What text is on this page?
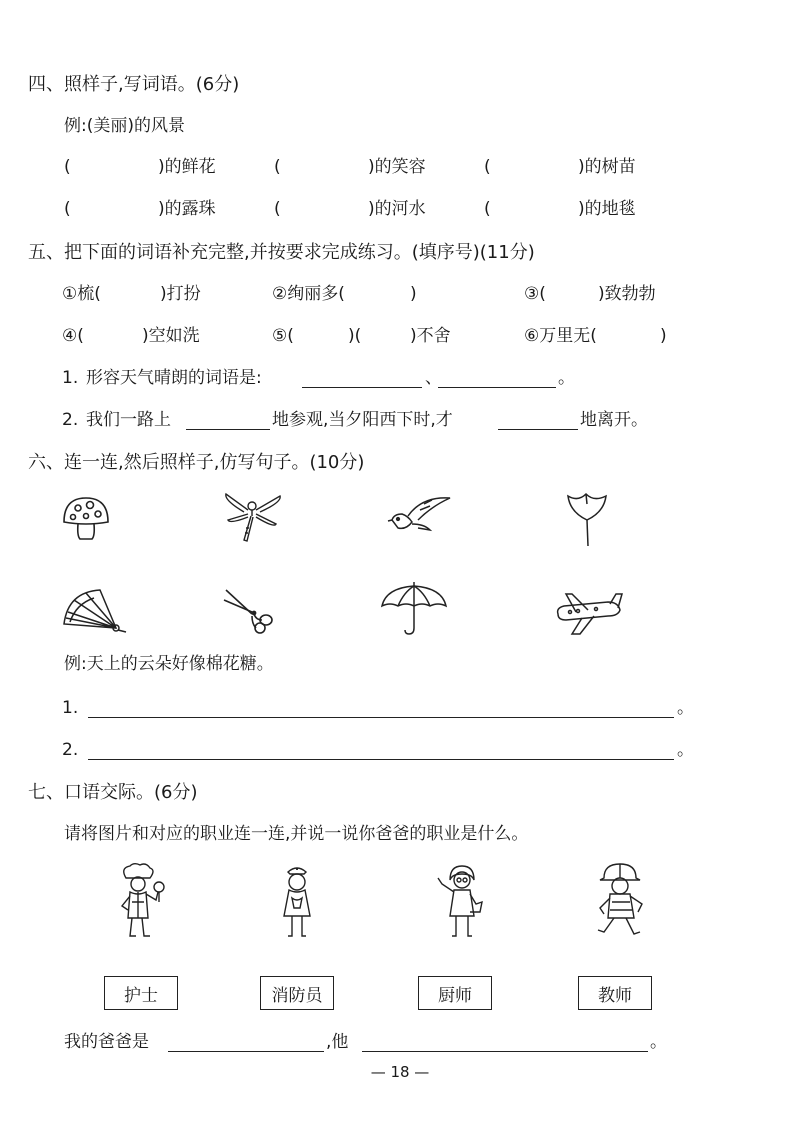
四、照样子,写词语。(6分)
例:(美丽)的风景
(	)的鲜花	(	)的笑容	(	)的树苗
(	)的露珠	(	)的河水	(	)的地毯
五、把下面的词语补充完整,并按要求完成练习。(填序号)(11分)
①梳(	)打扮	②绚丽多(	)	③(	)致勃勃
④(	)空如洗	⑤(	)(	)不舍	⑥万里无(	)
1. 形容天气晴朗的词语是:	、	。
2. 我们一路上	地参观,当夕阳西下时,才	地离开。
六、连一连,然后照样子,仿写句子。(10分)
例:天上的云朵好像棉花糖。
1.	。
2.	。
七、口语交际。(6分)
请将图片和对应的职业连一连,并说一说你爸爸的职业是什么。
护士	消防员	厨师	教师
我的爸爸是	,他	。
— 18 —
